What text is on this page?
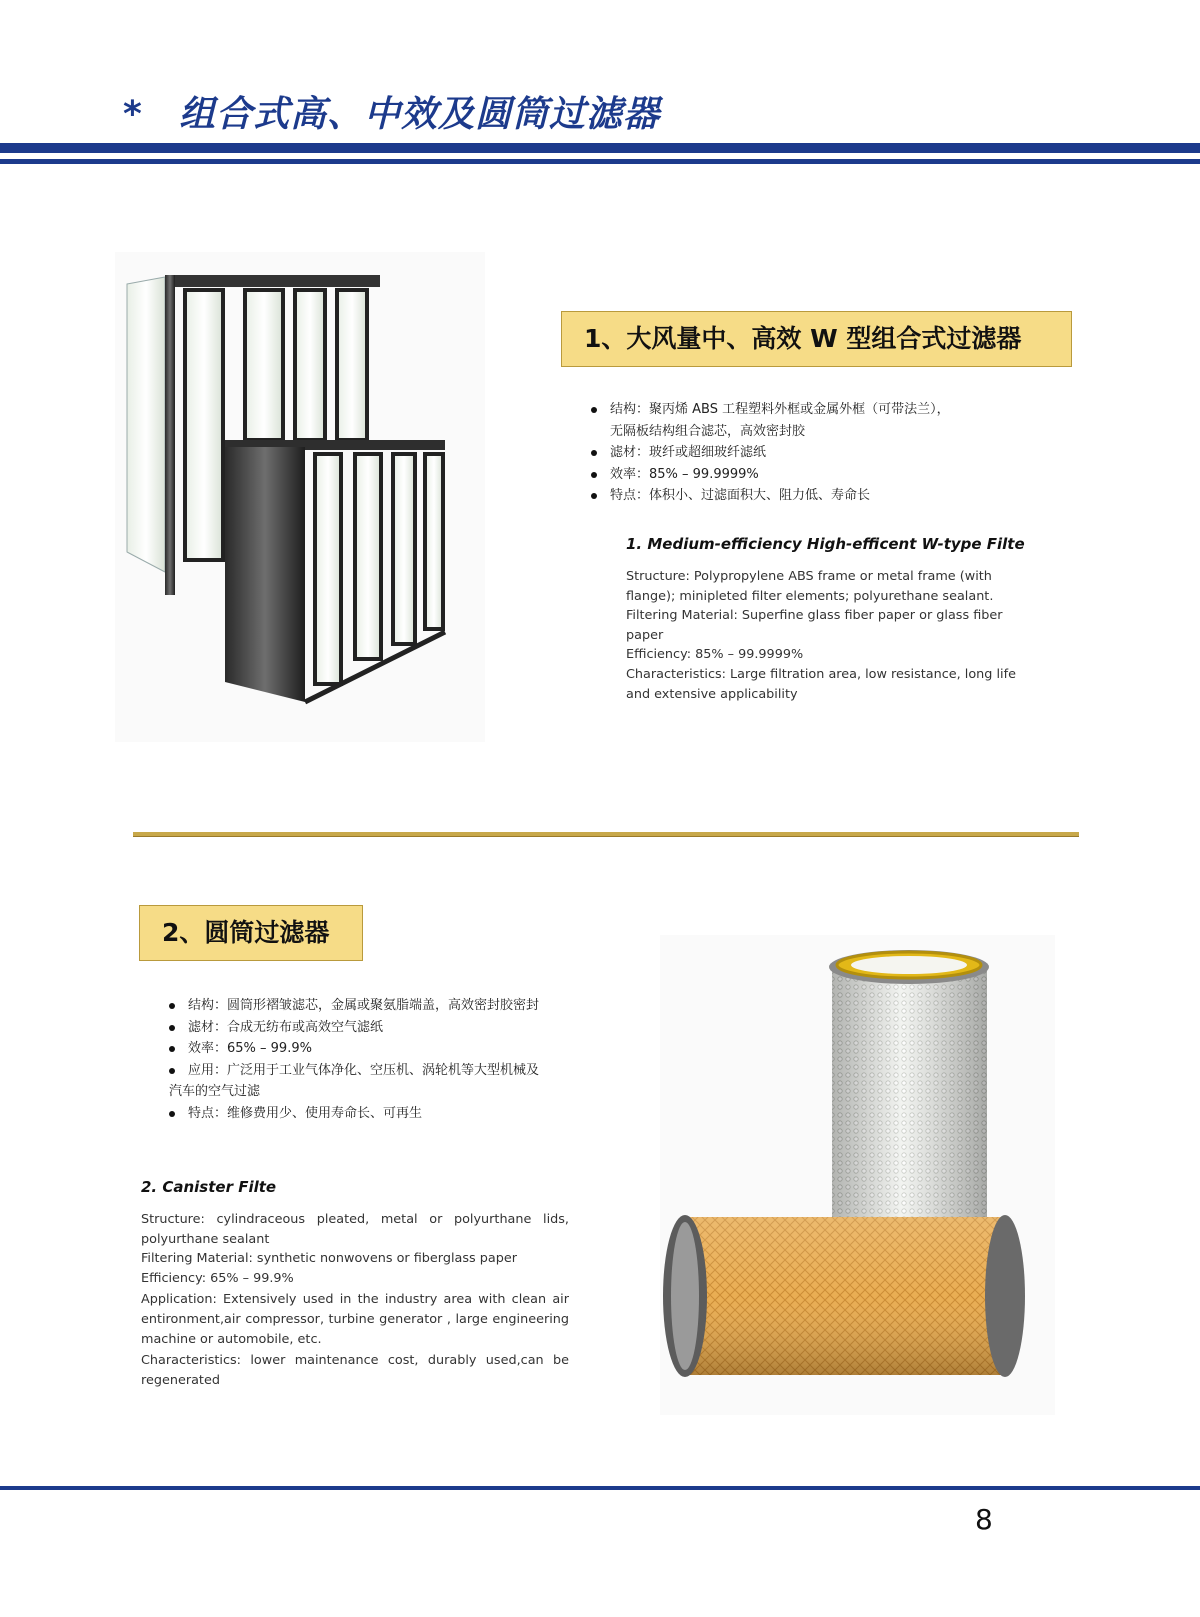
* 组合式高、中效及圆筒过滤器
1、大风量中、高效 W 型组合式过滤器
结构：聚丙烯 ABS 工程塑料外框或金属外框（可带法兰），
无隔板结构组合滤芯，高效密封胶
滤材：玻纤或超细玻纤滤纸
效率：85% – 99.9999%
特点：体积小、过滤面积大、阻力低、寿命长

1. Medium-efficiency High-efficent W-type Filte

Structure: Polypropylene ABS frame or metal frame (with flange); minipleted filter elements; polyurethane sealant.

Filtering Material: Superfine glass fiber paper or glass fiber paper

Efficiency: 85% – 99.9999%

Characteristics: Large filtration area, low resistance, long life and extensive applicability

2、圆筒过滤器
结构：圆筒形褶皱滤芯，金属或聚氨脂端盖，高效密封胶密封
滤材：合成无纺布或高效空气滤纸
效率：65% – 99.9%
应用：广泛用于工业气体净化、空压机、涡轮机等大型机械及
汽车的空气过滤
特点：维修费用少、使用寿命长、可再生

2. Canister Filte

Structure: cylindraceous pleated, metal or polyurthane lids, polyurthane sealant

Filtering Material: synthetic nonwovens or fiberglass paper

Efficiency: 65% – 99.9%

Application: Extensively used in the industry area with clean air entironment,air compressor, turbine generator , large engineering machine or automobile, etc.

Characteristics: lower maintenance cost, durably used,can be regenerated

8
